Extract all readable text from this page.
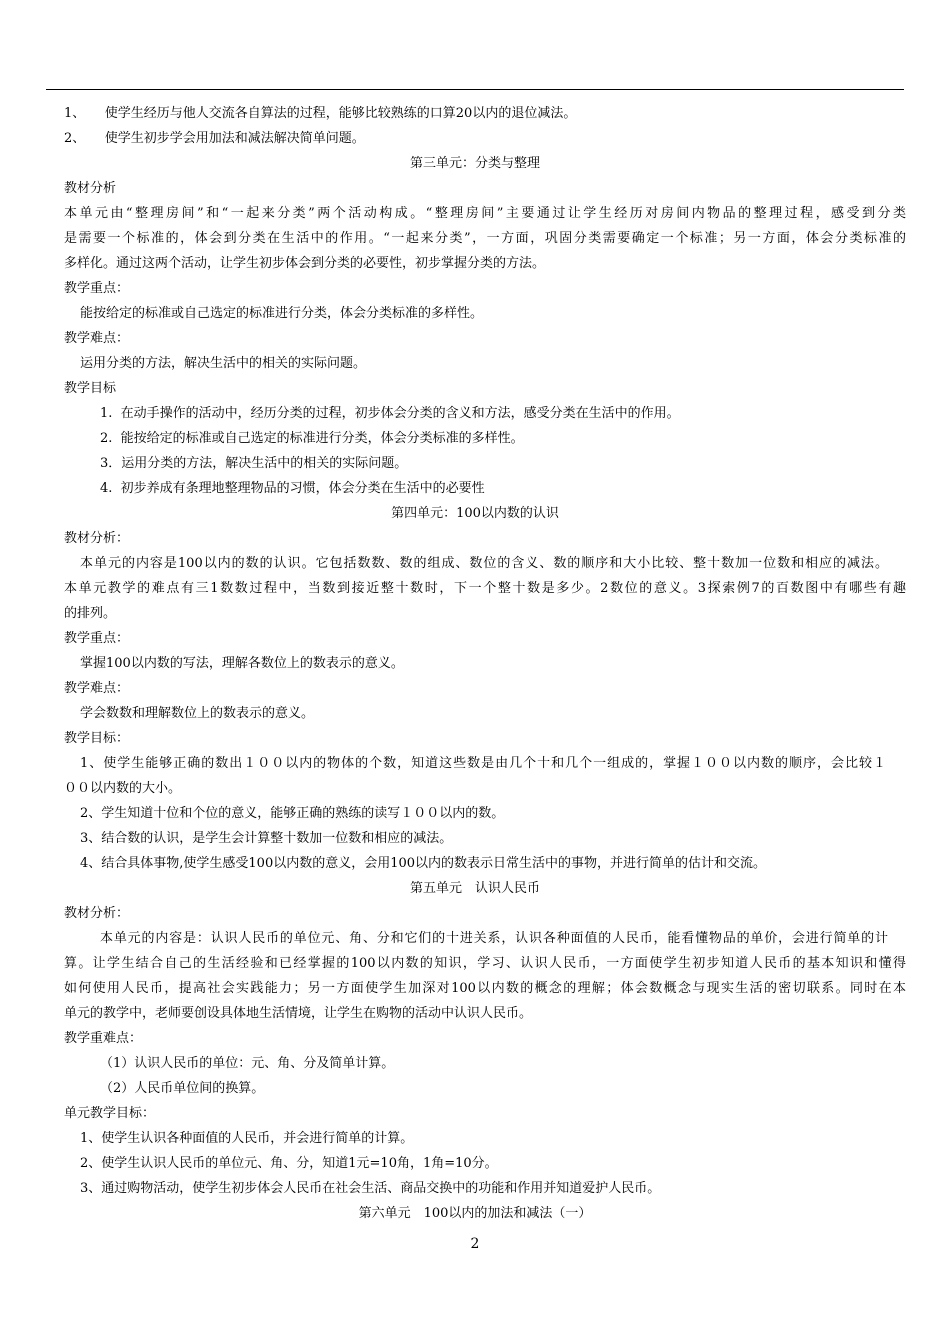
1、　　使学生经历与他人交流各自算法的过程，能够比较熟练的口算20以内的退位减法。
2、　　使学生初步学会用加法和减法解决简单问题。
第三单元：分类与整理
教材分析
本单元由“整理房间”和“一起来分类”两个活动构成。“整理房间”主要通过让学生经历对房间内物品的整理过程，感受到分类
是需要一个标准的，体会到分类在生活中的作用。“一起来分类”，一方面，巩固分类需要确定一个标准；另一方面，体会分类标准的
多样化。通过这两个活动，让学生初步体会到分类的必要性，初步掌握分类的方法。
教学重点：
能按给定的标准或自己选定的标准进行分类，体会分类标准的多样性。
教学难点：
运用分类的方法，解决生活中的相关的实际问题。
教学目标
1.  在动手操作的活动中，经历分类的过程，初步体会分类的含义和方法，感受分类在生活中的作用。
2.  能按给定的标准或自己选定的标准进行分类，体会分类标准的多样性。
3．运用分类的方法，解决生活中的相关的实际问题。
4.  初步养成有条理地整理物品的习惯，体会分类在生活中的必要性
第四单元：100以内数的认识
教材分析：
本单元的内容是100以内的数的认识。它包括数数、数的组成、数位的含义、数的顺序和大小比较、整十数加一位数和相应的减法。
本单元教学的难点有三1数数过程中，当数到接近整十数时，下一个整十数是多少。2数位的意义。3探索例7的百数图中有哪些有趣
的排列。
教学重点：
掌握100以内数的写法，理解各数位上的数表示的意义。
教学难点：
学会数数和理解数位上的数表示的意义。
教学目标：
1、使学生能够正确的数出１００以内的物体的个数，知道这些数是由几个十和几个一组成的，掌握１００以内数的顺序，会比较１
００以内数的大小。
2、学生知道十位和个位的意义，能够正确的熟练的读写１００以内的数。
3、结合数的认识，是学生会计算整十数加一位数和相应的减法。
4、结合具体事物,使学生感受100以内数的意义，会用100以内的数表示日常生活中的事物，并进行简单的估计和交流。
第五单元　认识人民币
教材分析：
本单元的内容是：认识人民币的单位元、角、分和它们的十进关系，认识各种面值的人民币，能看懂物品的单价，会进行简单的计
算。让学生结合自己的生活经验和已经掌握的100以内数的知识，学习、认识人民币，一方面使学生初步知道人民币的基本知识和懂得
如何使用人民币，提高社会实践能力；另一方面使学生加深对100以内数的概念的理解；体会数概念与现实生活的密切联系。同时在本
单元的教学中，老师要创设具体地生活情境，让学生在购物的活动中认识人民币。
教学重难点：
（1）认识人民币的单位：元、角、分及简单计算。
（2）人民币单位间的换算。
单元教学目标：
1、使学生认识各种面值的人民币，并会进行简单的计算。
2、使学生认识人民币的单位元、角、分，知道1元=10角，1角=10分。
3、通过购物活动，使学生初步体会人民币在社会生活、商品交换中的功能和作用并知道爱护人民币。
第六单元　100以内的加法和减法（一）
2
